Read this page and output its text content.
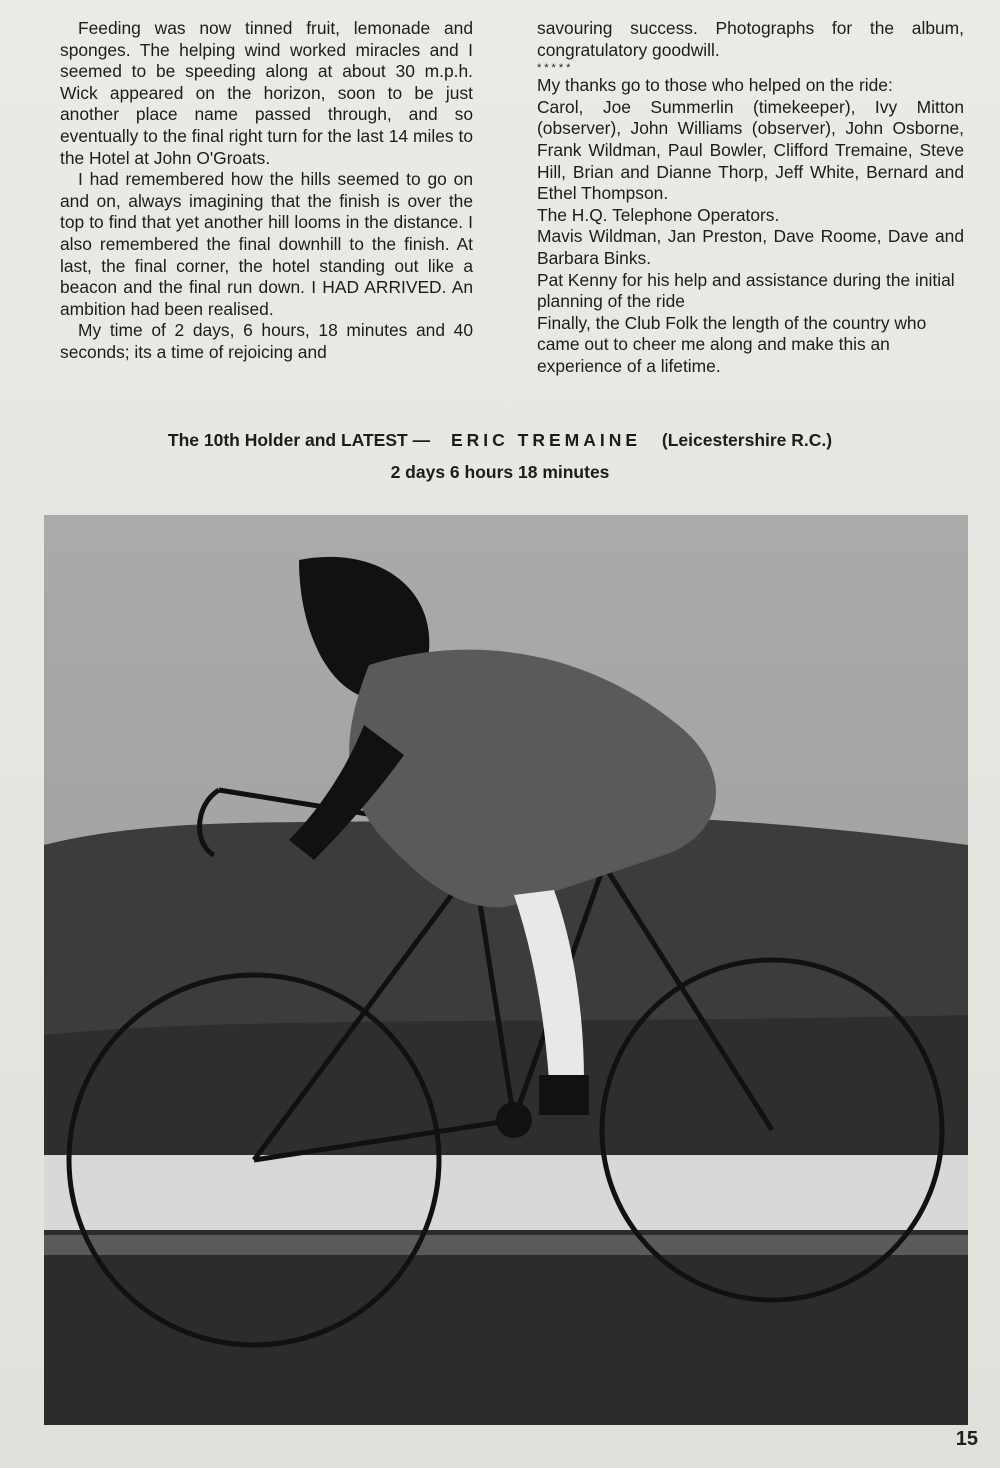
Feeding was now tinned fruit, lemonade and sponges. The helping wind worked miracles and I seemed to be speeding along at about 30 m.p.h. Wick appeared on the horizon, soon to be just another place name passed through, and so eventually to the final right turn for the last 14 miles to the Hotel at John O'Groats.

I had remembered how the hills seemed to go on and on, always imagining that the finish is over the top to find that yet another hill looms in the distance. I also remembered the final downhill to the finish. At last, the final corner, the hotel standing out like a beacon and the final run down. I HAD ARRIVED. An ambition had been realised.

My time of 2 days, 6 hours, 18 minutes and 40 seconds; its a time of rejoicing and

savouring success. Photographs for the album, congratulatory goodwill.

*****

My thanks go to those who helped on the ride:

Carol, Joe Summerlin (timekeeper), Ivy Mitton (observer), John Williams (observer), John Osborne, Frank Wildman, Paul Bowler, Clifford Tremaine, Steve Hill, Brian and Dianne Thorp, Jeff White, Bernard and Ethel Thompson.

The H.Q. Telephone Operators.

Mavis Wildman, Jan Preston, Dave Roome, Dave and Barbara Binks.

Pat Kenny for his help and assistance during the initial planning of the ride

Finally, the Club Folk the length of the country who came out to cheer me along and make this an experience of a lifetime.

The 10th Holder and LATEST — ERIC TREMAINE (Leicestershire R.C.)
2 days 6 hours 18 minutes
15
